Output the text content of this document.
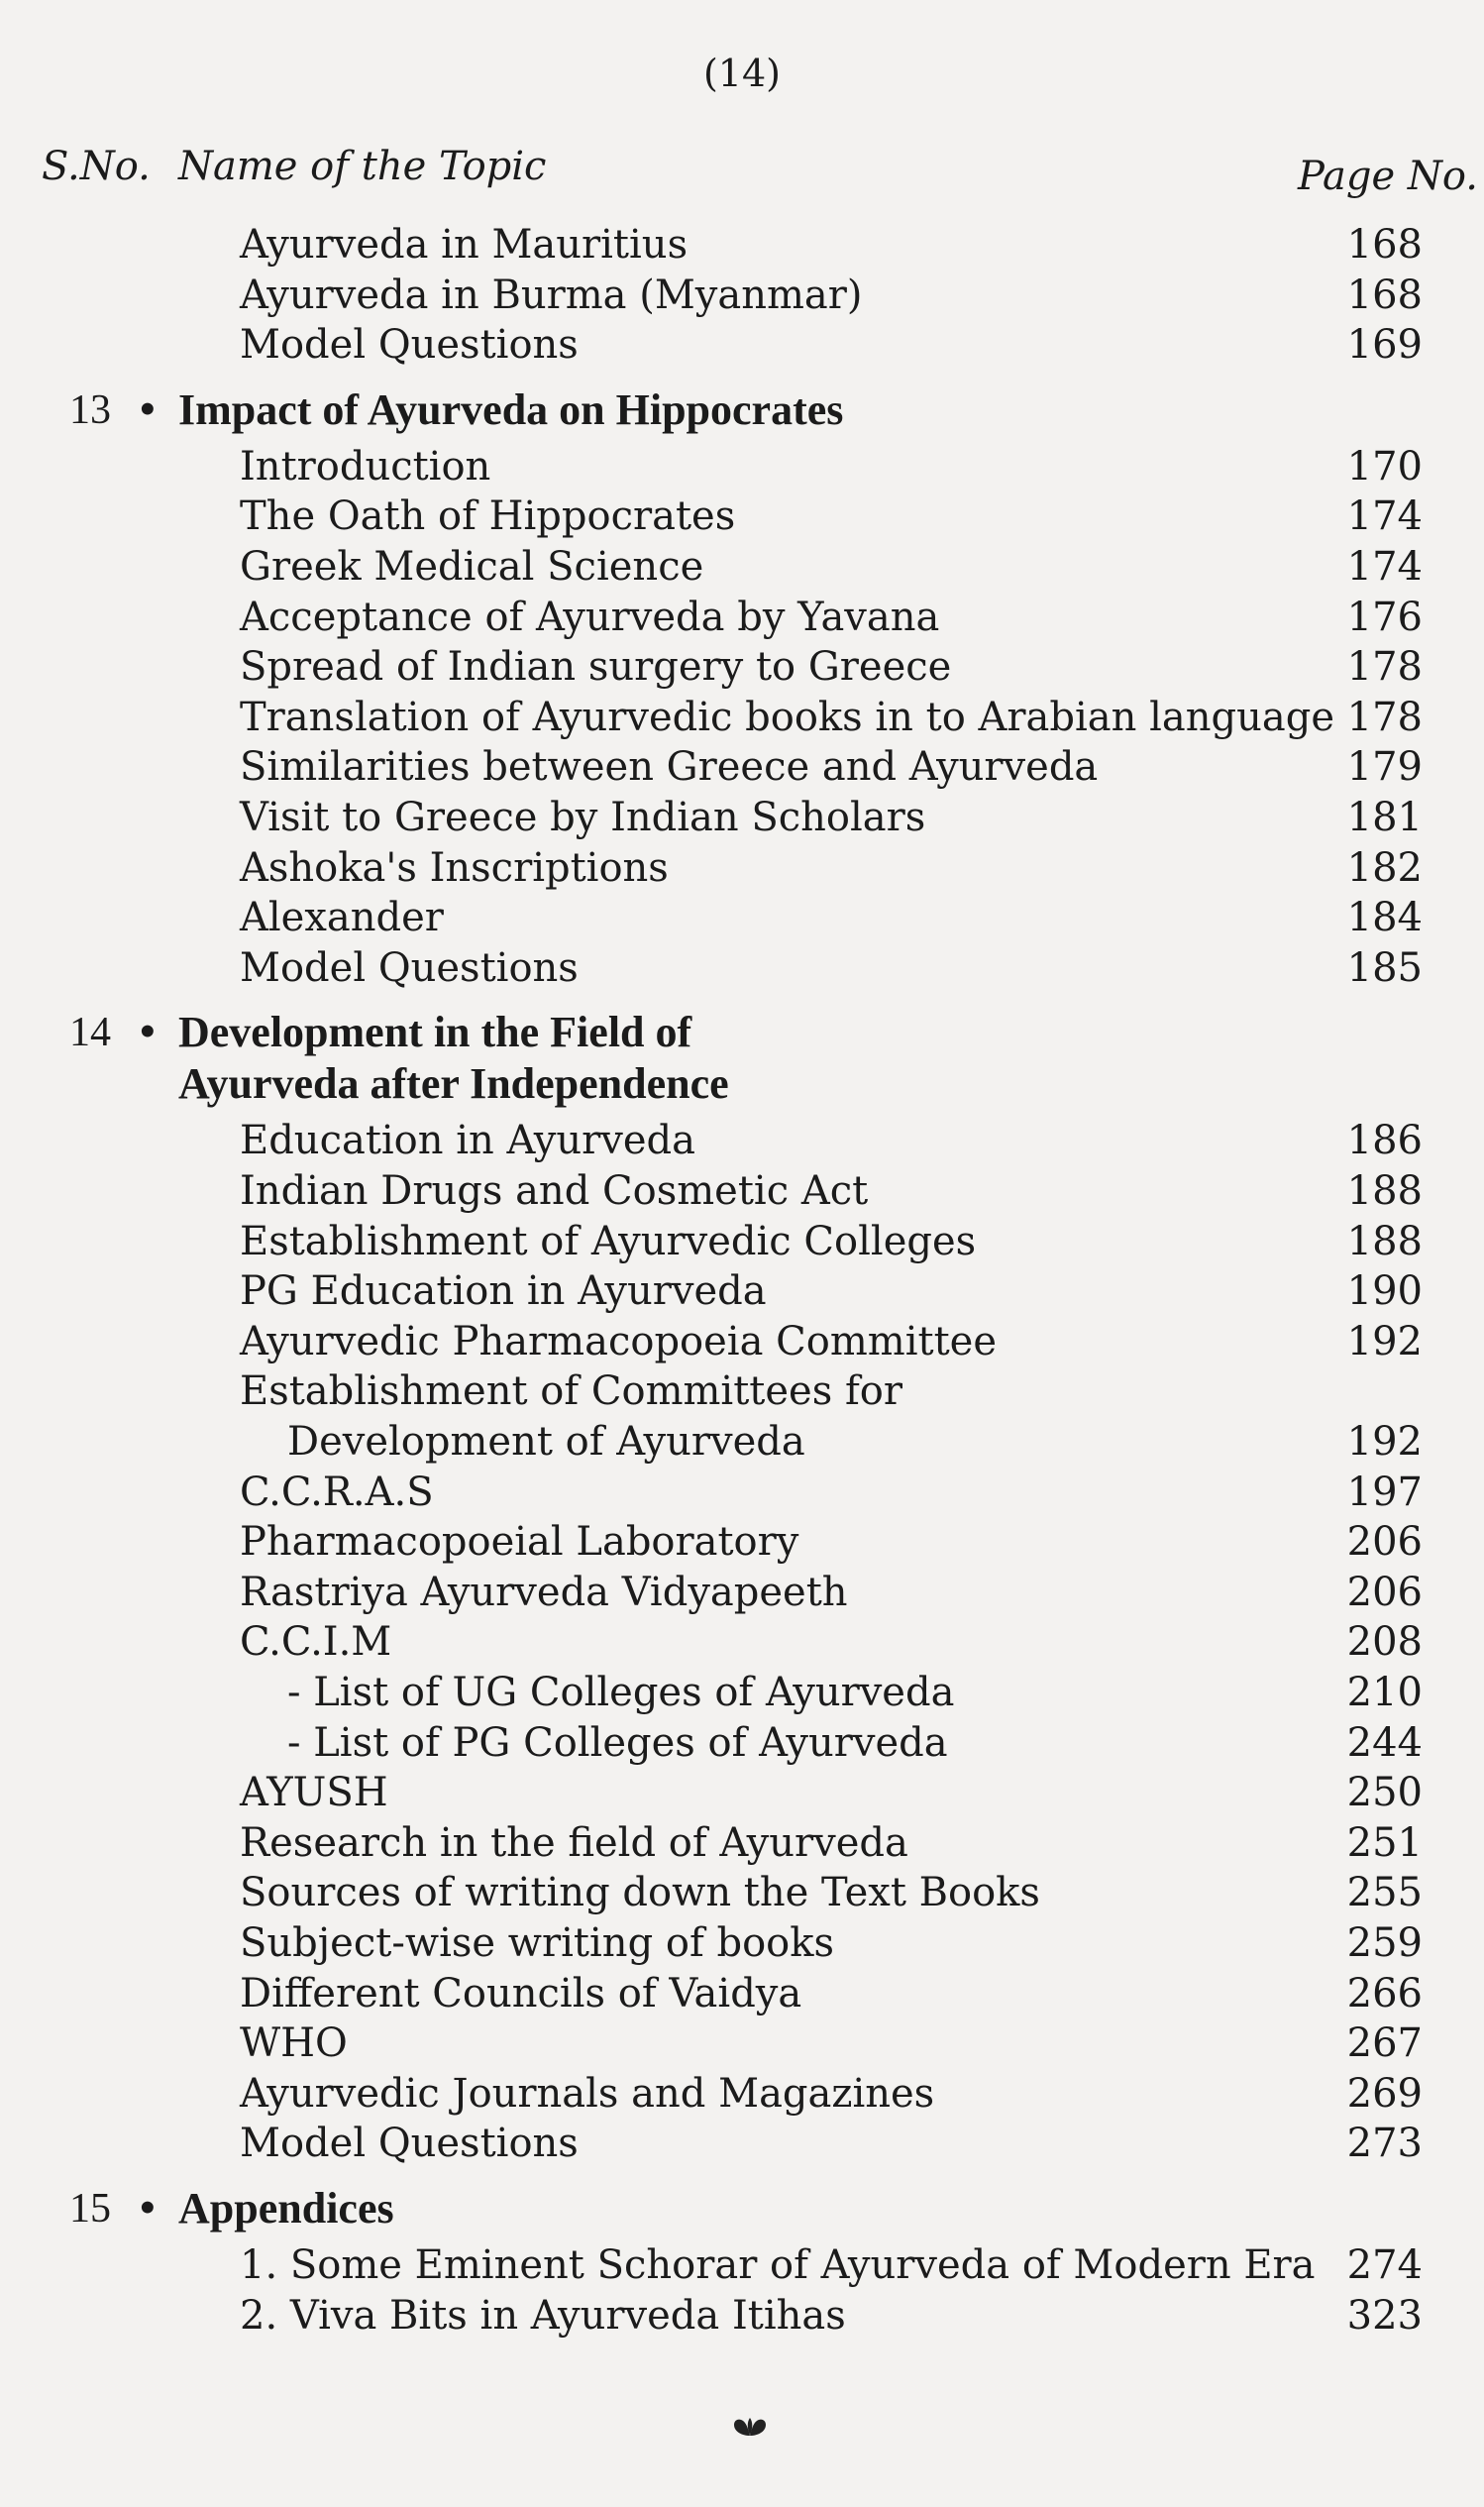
(14)
S.No. Name of the Topic	Page No.
Ayurveda in Mauritius	168
Ayurveda in Burma (Myanmar)	168
Model Questions	169
13 • Impact of Ayurveda on Hippocrates
Introduction	170
The Oath of Hippocrates	174
Greek Medical Science	174
Acceptance of Ayurveda by Yavana	176
Spread of Indian surgery to Greece	178
Translation of Ayurvedic books in to Arabian language 178
Similarities between Greece and Ayurveda	179
Visit to Greece by Indian Scholars	181
Ashoka's Inscriptions	182
Alexander	184
Model Questions	185
14 • Development in the Field of
Ayurveda after Independence
Education in Ayurveda	186
Indian Drugs and Cosmetic Act	188
Establishment of Ayurvedic Colleges	188
PG Education in Ayurveda	190
Ayurvedic Pharmacopoeia Committee	192
Establishment of Committees for
Development of Ayurveda	192
C.C.R.A.S	197
Pharmacopoeial Laboratory	206
Rastriya Ayurveda Vidyapeeth	206
C.C.I.M	208
- List of UG Colleges of Ayurveda	210
- List of PG Colleges of Ayurveda	244
AYUSH	250
Research in the field of Ayurveda	251
Sources of writing down the Text Books	255
Subject-wise writing of books	259
Different Councils of Vaidya	266
WHO	267
Ayurvedic Journals and Magazines	269
Model Questions	273
15 • Appendices
1. Some Eminent Schorar of Ayurveda of Modern Era 274
2. Viva Bits in Ayurveda Itihas	323
